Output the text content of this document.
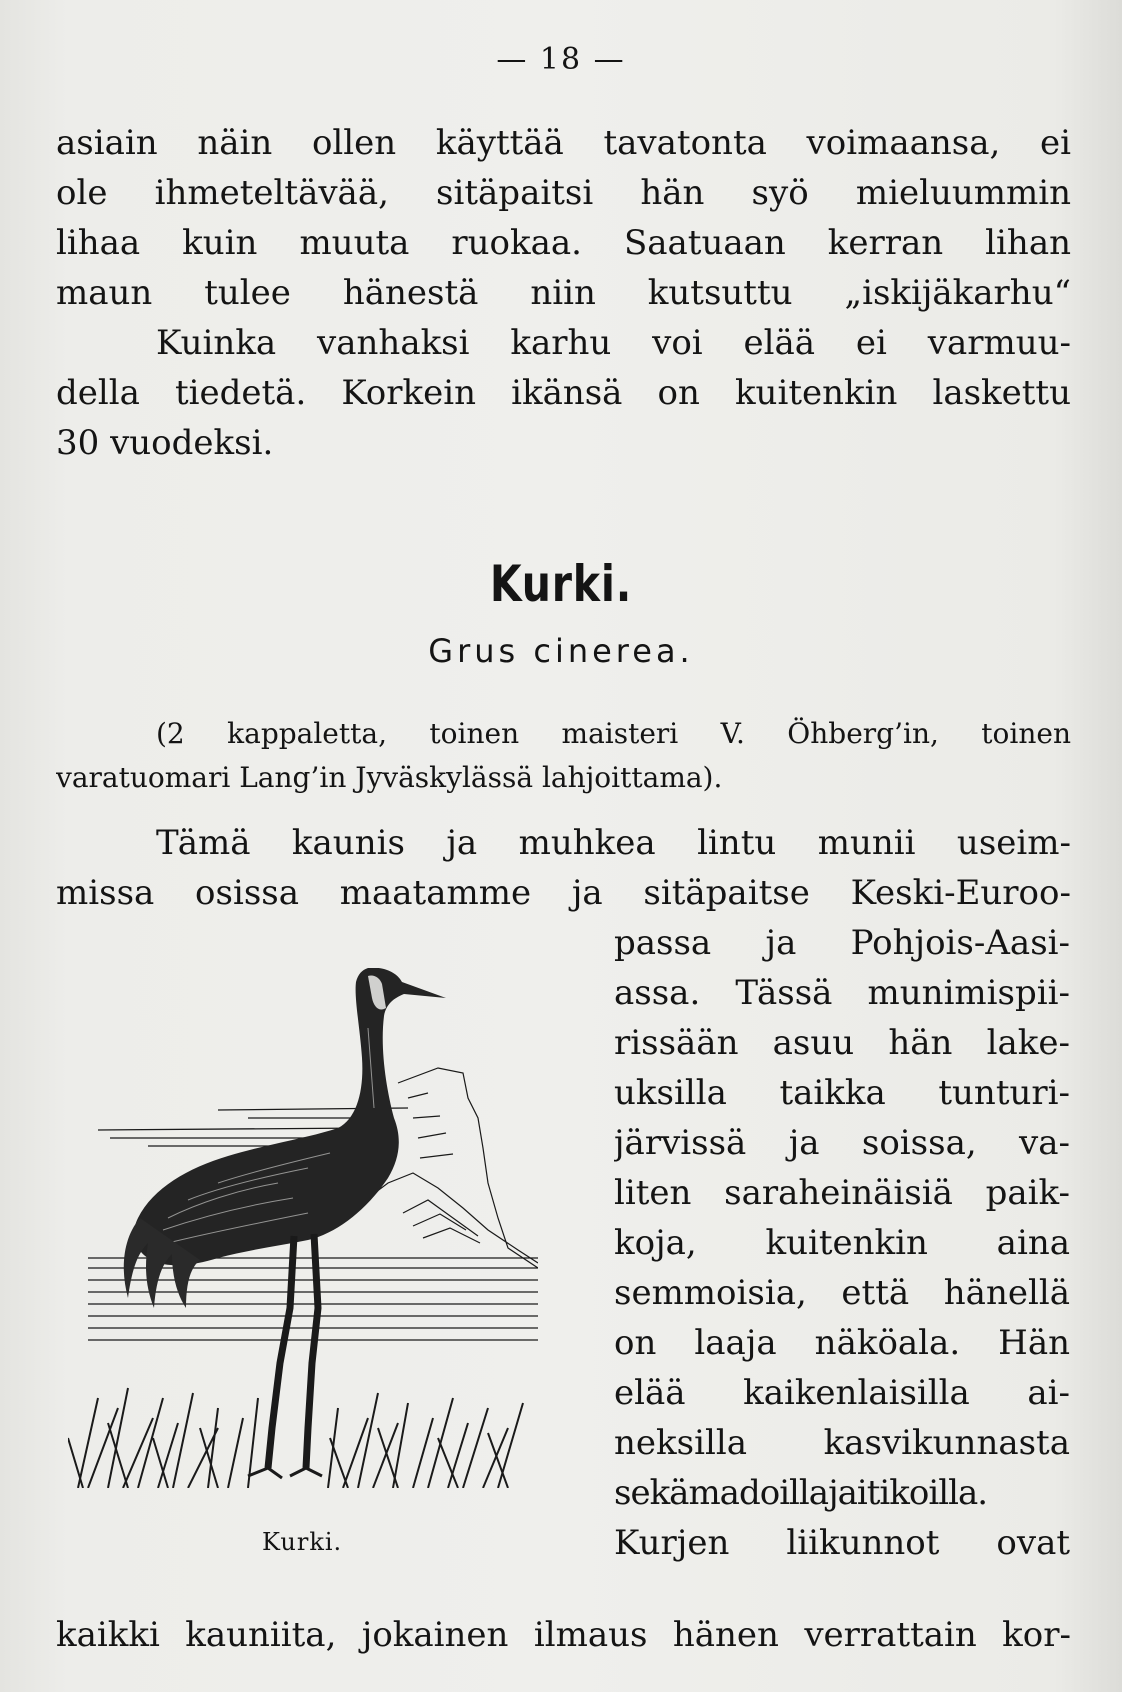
— 18 —
asiain näin ollen käyttää tavatonta voimaansa, ei
ole ihmeteltävää, sitäpaitsi hän syö mieluummin
lihaa kuin muuta ruokaa. Saatuaan kerran lihan
maun tulee hänestä niin kutsuttu „iskijäkarhu“
Kuinka vanhaksi karhu voi elää ei varmuu-
della tiedetä. Korkein ikänsä on kuitenkin laskettu
30 vuodeksi.
Kurki.
Grus cinerea.
(2 kappaletta, toinen maisteri V. Öhberg’in, toinen
varatuomari Lang’in Jyväskylässä lahjoittama).
Tämä kaunis ja muhkea lintu munii useim-
missa osissa maatamme ja sitäpaitse Keski-Euroo-
passa ja Pohjois-Aasi-
assa. Tässä munimispii-
rissään asuu hän lake-
uksilla taikka tunturi-
järvissä ja soissa, va-
liten saraheinäisiä paik-
koja, kuitenkin aina
semmoisia, että hänellä
on laaja näköala. Hän
elää kaikenlaisilla ai-
neksilla kasvikunnasta
sekämadoillajaitikoilla.
Kurjen liikunnot ovat
kaikki kauniita, jokainen ilmaus hänen verrattain kor-
Kurki.
